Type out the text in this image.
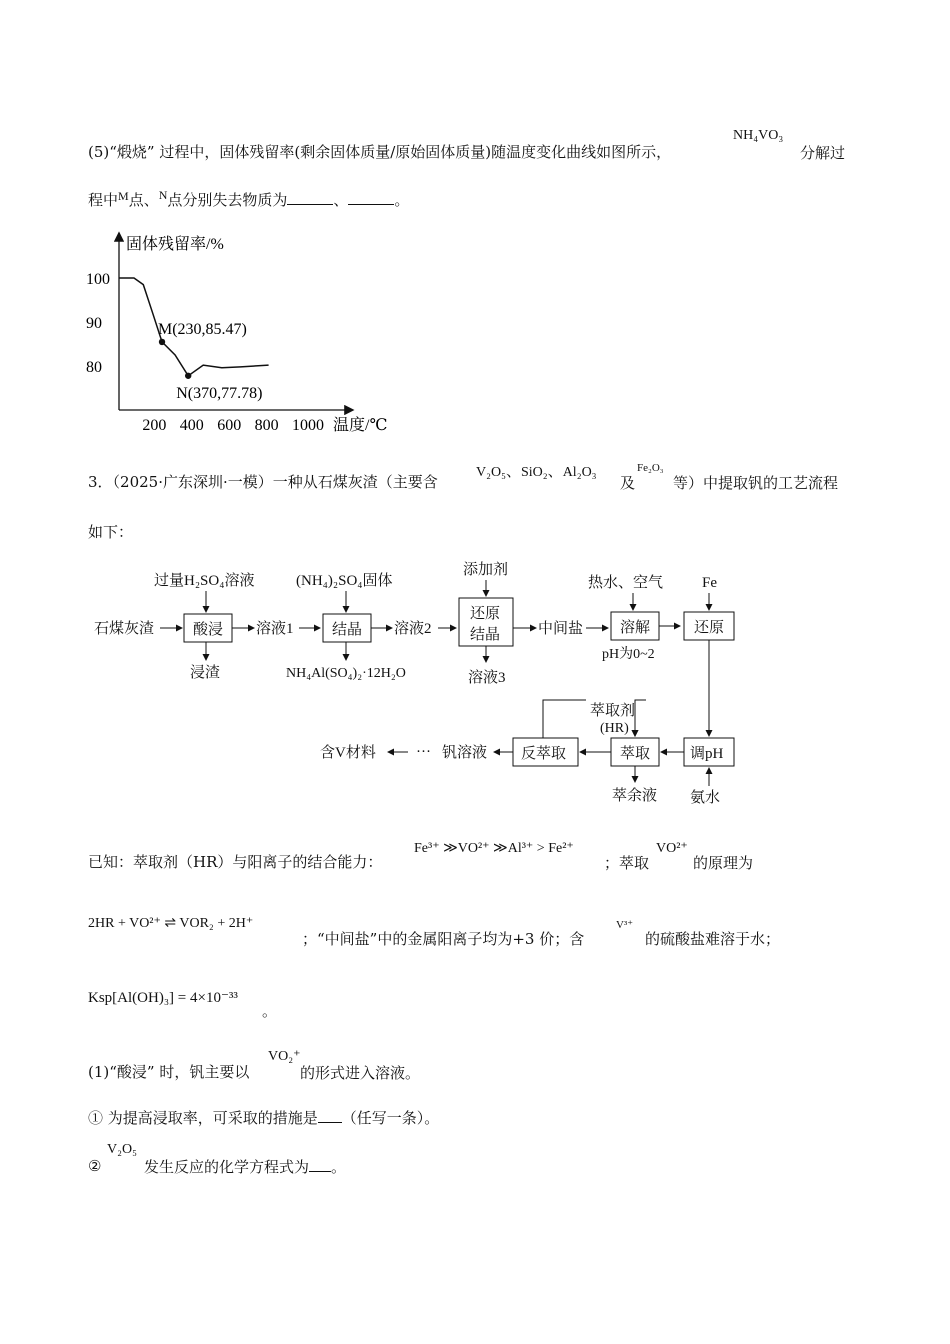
(5)“煅烧” 过程中，固体残留率(剩余固体质量/原始固体质量)随温度变化曲线如图所示，
NH₄VO₃
分解过
程中$^M$点、$^N$点分别失去物质为	、	。
固体残留率/%
温度/℃
100
90
80
200 400 600 800 1000
M(230,85.47)
N(370,77.78)
3．（2025·广东深圳·一模）一种从石煤灰渣（主要含
V₂O₅、SiO₂、Al₂O₃
及
Fe₂O₃
等）中提取钒的工艺流程
如下：
石煤灰渣
过量H₂SO₄溶液
酸浸
浸渣
溶液1
(NH₄)₂SO₄固体
结晶
NH₄Al(SO₄)₂·12H₂O
溶液2
添加剂
还原
结晶
溶液3
中间盐
热水、空气
溶解
pH为0~2
Fe
还原
调pH
氨水
萃取剂
(HR)
萃取
萃余液
反萃取
钒溶液
···
含V材料
已知：萃取剂（HR）与阳离子的结合能力：
Fe³⁺ ≫VO²⁺ ≫Al³⁺ > Fe²⁺
；萃取
VO²⁺
的原理为
2HR + VO²⁺ ⇌ VOR₂ + 2H⁺
；“中间盐”中的金属阳离子均为+3 价；含
V³⁺
的硫酸盐难溶于水；
Ksp[Al(OH)₃] = 4×10⁻³³
。
(1)“酸浸” 时，钒主要以
VO₂⁺
的形式进入溶液。
① 为提高浸取率，可采取的措施是 （任写一条）。
②
V₂O₅
发生反应的化学方程式为 。
